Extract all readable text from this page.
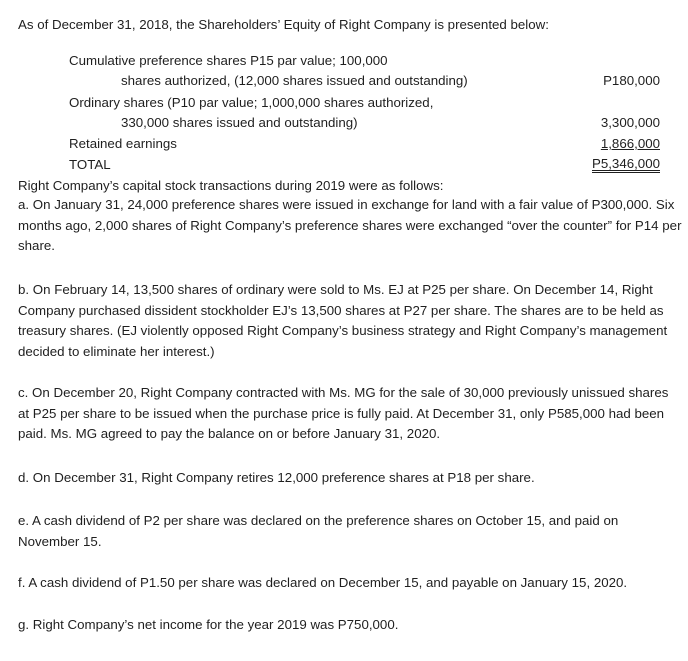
As of December 31, 2018, the Shareholders’ Equity of Right Company is presented below:
Cumulative preference shares P15 par value; 100,000
shares authorized, (12,000 shares issued and outstanding)	P180,000
Ordinary shares (P10 par value; 1,000,000 shares authorized,
330,000 shares issued and outstanding)	3,300,000
Retained earnings	1,866,000
TOTAL	P5,346,000
Right Company’s capital stock transactions during 2019 were as follows:
a. On January 31, 24,000 preference shares were issued in exchange for land with a fair value of P300,000. Six months ago, 2,000 shares of Right Company’s preference shares were exchanged “over the counter” for P14 per share.
b. On February 14, 13,500 shares of ordinary were sold to Ms. EJ at P25 per share. On December 14, Right Company purchased dissident stockholder EJ’s 13,500 shares at P27 per share. The shares are to be held as treasury shares. (EJ violently opposed Right Company’s business strategy and Right Company’s management decided to eliminate her interest.)
c. On December 20, Right Company contracted with Ms. MG for the sale of 30,000 previously unissued shares at P25 per share to be issued when the purchase price is fully paid. At December 31, only P585,000 had been paid. Ms. MG agreed to pay the balance on or before January 31, 2020.
d. On December 31, Right Company retires 12,000 preference shares at P18 per share.
e. A cash dividend of P2 per share was declared on the preference shares on October 15, and paid on November 15.
f. A cash dividend of P1.50 per share was declared on December 15, and payable on January 15, 2020.
g. Right Company’s net income for the year 2019 was P750,000.
